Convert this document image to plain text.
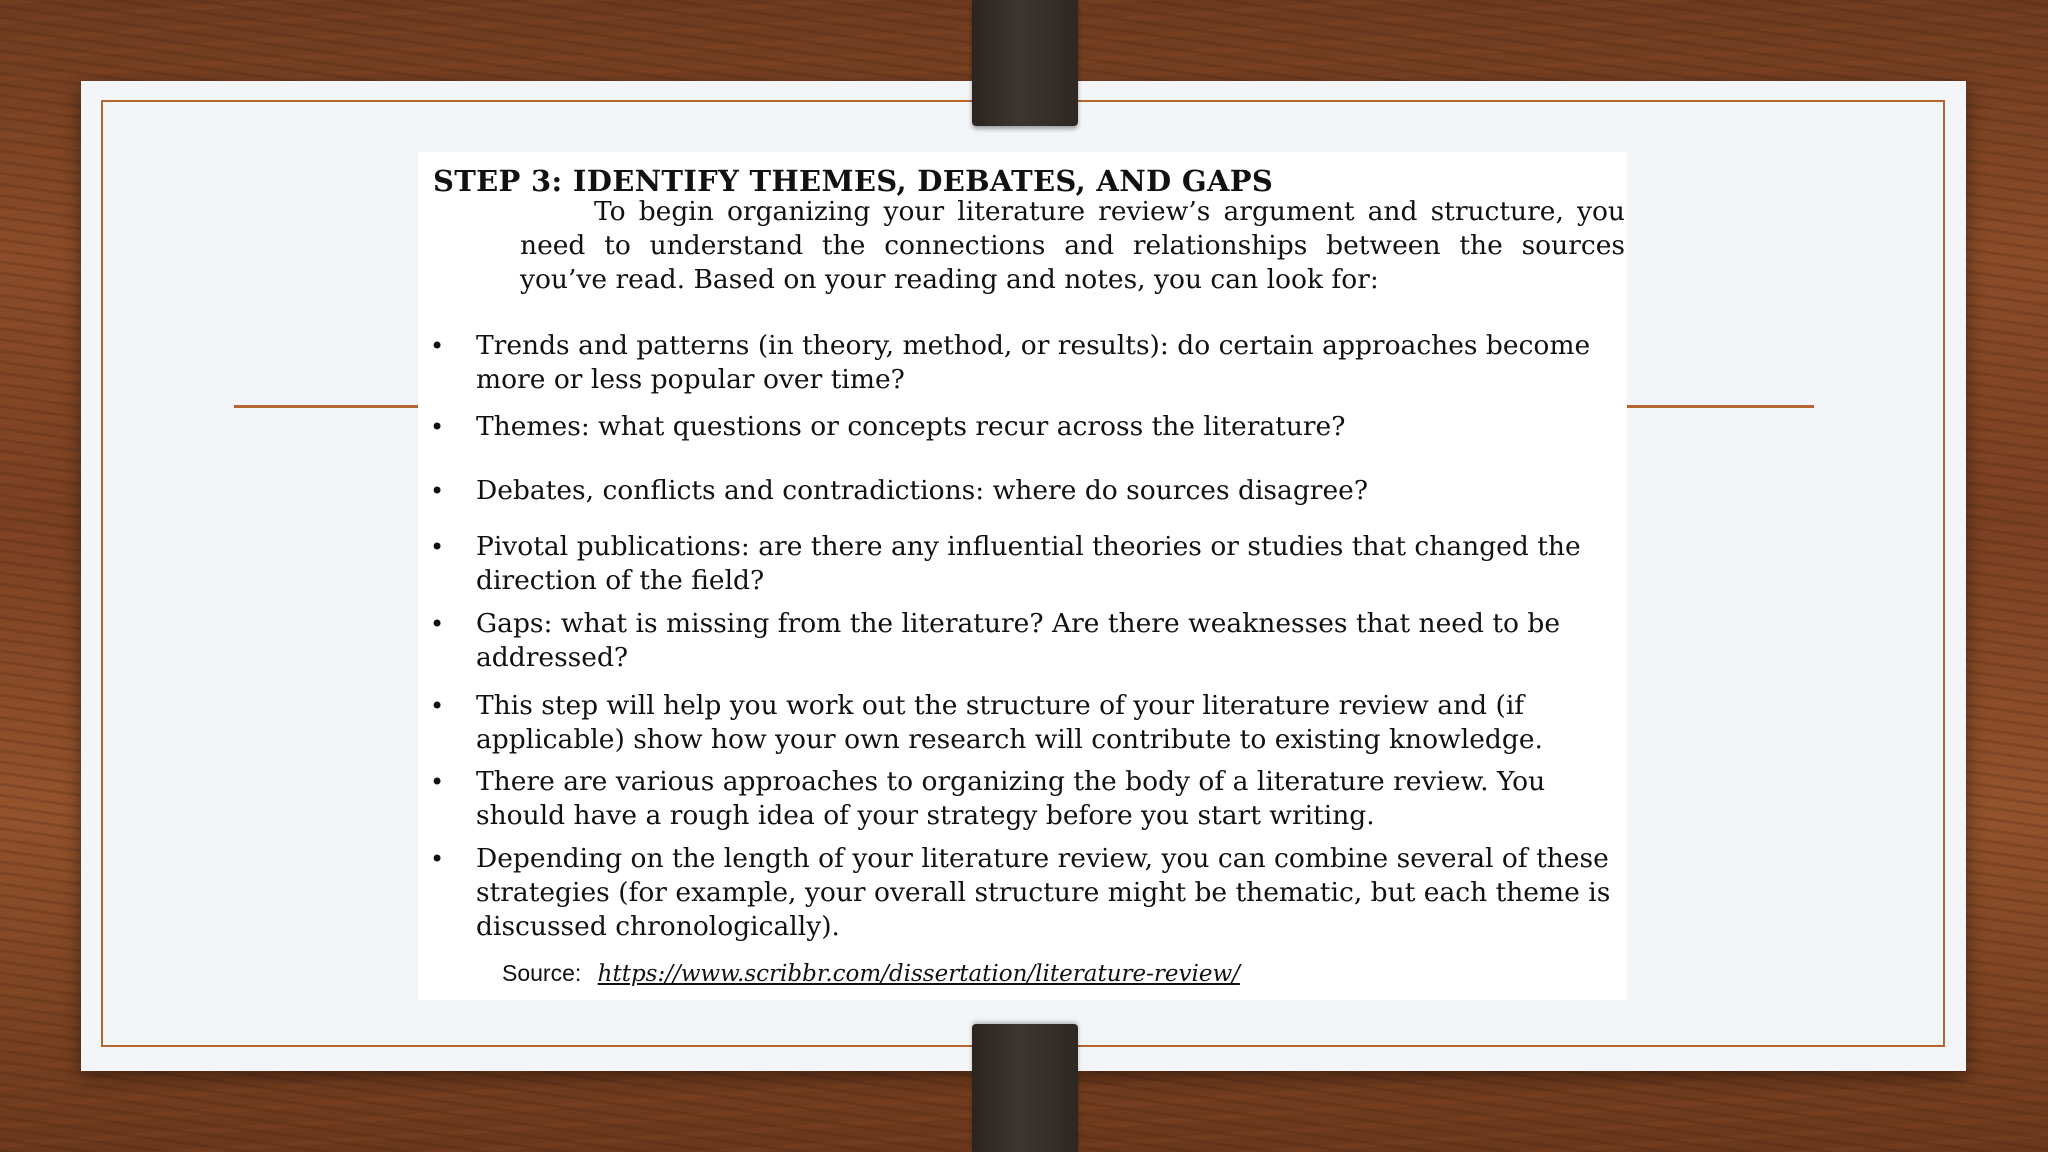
STEP 3: IDENTIFY THEMES, DEBATES, AND GAPS

To begin organizing your literature review’s argument and structure, you need to understand the connections and relationships between the sources you’ve read. Based on your reading and notes, you can look for:

• Trends and patterns (in theory, method, or results): do certain approaches become more or less popular over time?
• Themes: what questions or concepts recur across the literature?
• Debates, conflicts and contradictions: where do sources disagree?
• Pivotal publications: are there any influential theories or studies that changed the direction of the field?
• Gaps: what is missing from the literature? Are there weaknesses that need to be addressed?
• This step will help you work out the structure of your literature review and (if applicable) show how your own research will contribute to existing knowledge.
• There are various approaches to organizing the body of a literature review. You should have a rough idea of your strategy before you start writing.
• Depending on the length of your literature review, you can combine several of these strategies (for example, your overall structure might be thematic, but each theme is discussed chronologically).
Source: https://www.scribbr.com/dissertation/literature-review/
